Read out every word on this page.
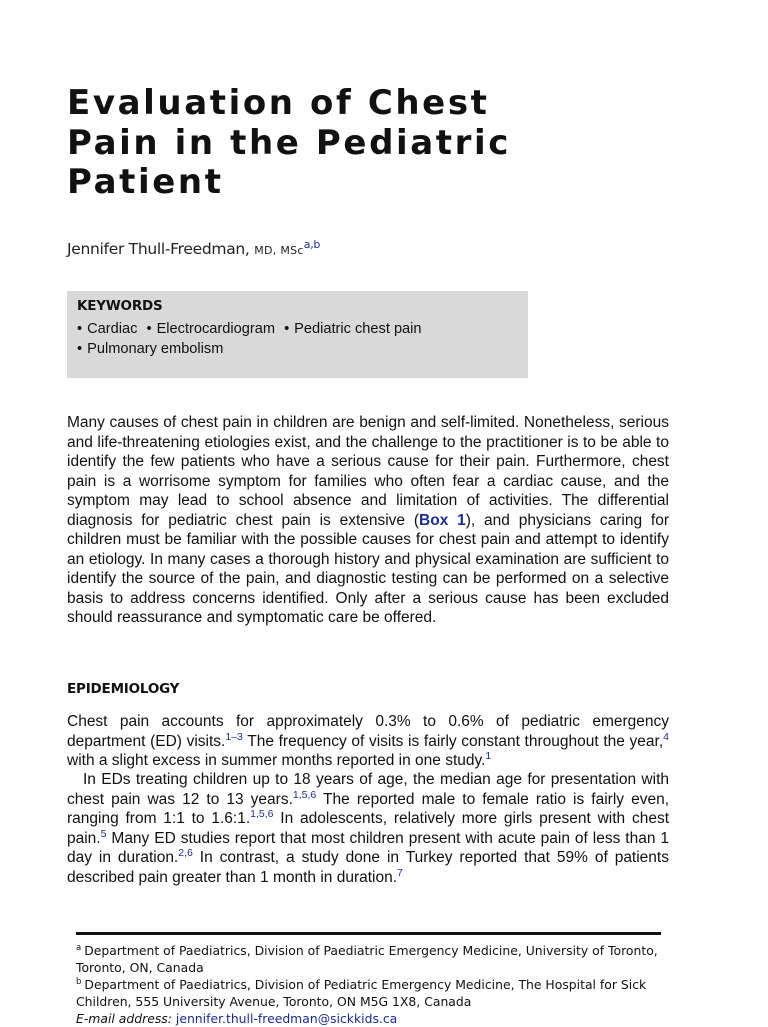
Evaluation of Chest
Pain in the Pediatric
Patient
Jennifer Thull-Freedman, MD, MSc$^{a,b}$
KEYWORDS
• Cardiac • Electrocardiogram • Pediatric chest pain
• Pulmonary embolism

Many causes of chest pain in children are benign and self-limited. Nonetheless, serious and life-threatening etiologies exist, and the challenge to the practitioner is to be able to identify the few patients who have a serious cause for their pain. Furthermore, chest pain is a worrisome symptom for families who often fear a cardiac cause, and the symptom may lead to school absence and limitation of activities. The differential diagnosis for pediatric chest pain is extensive (Box 1), and physicians caring for children must be familiar with the possible causes for chest pain and attempt to identify an etiology. In many cases a thorough history and physical examination are sufficient to identify the source of the pain, and diagnostic testing can be performed on a selective basis to address concerns identified. Only after a serious cause has been excluded should reassurance and symptomatic care be offered.

EPIDEMIOLOGY

Chest pain accounts for approximately 0.3% to 0.6% of pediatric emergency department (ED) visits.$^{1-3}$ The frequency of visits is fairly constant throughout the year,$^4$ with a slight excess in summer months reported in one study.$^1$

In EDs treating children up to 18 years of age, the median age for presentation with chest pain was 12 to 13 years.$^{1,5,6}$ The reported male to female ratio is fairly even, ranging from 1:1 to 1.6:1.$^{1,5,6}$ In adolescents, relatively more girls present with chest pain.$^5$ Many ED studies report that most children present with acute pain of less than 1 day in duration.$^{2,6}$ In contrast, a study done in Turkey reported that 59% of patients described pain greater than 1 month in duration.$^7$

$^a$ Department of Paediatrics, Division of Paediatric Emergency Medicine, University of Toronto, Toronto, ON, Canada

$^b$ Department of Paediatrics, Division of Pediatric Emergency Medicine, The Hospital for Sick Children, 555 University Avenue, Toronto, ON M5G 1X8, Canada

E-mail address: jennifer.thull-freedman@sickkids.ca
